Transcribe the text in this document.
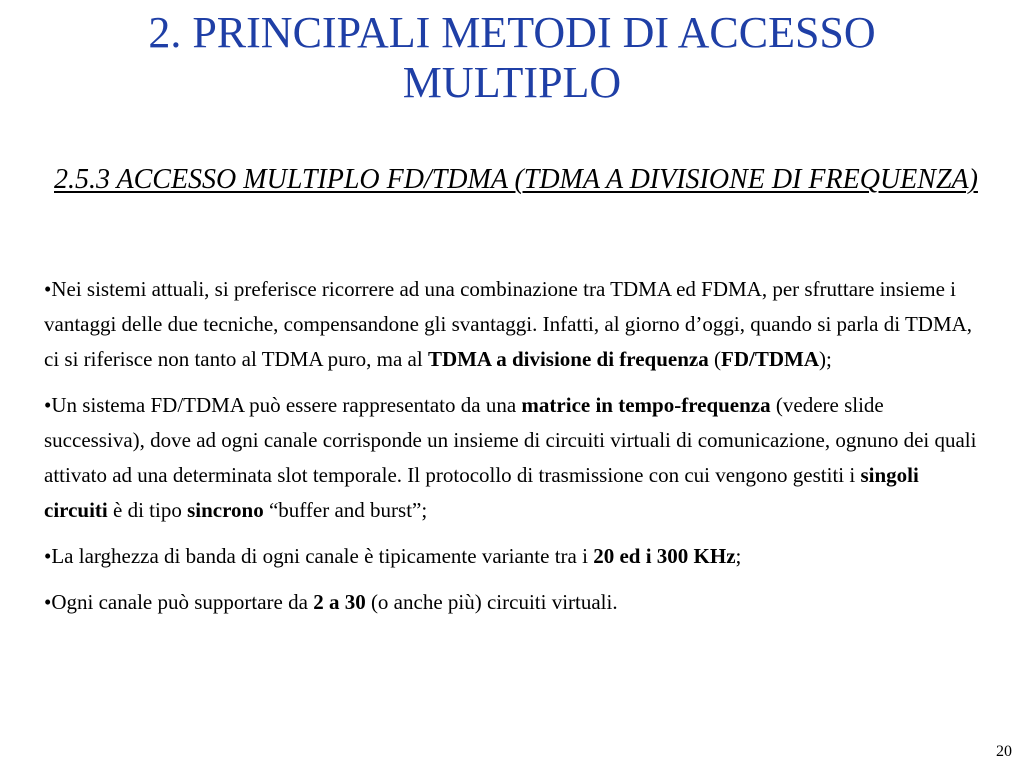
2. PRINCIPALI METODI DI ACCESSO
MULTIPLO
2.5.3 ACCESSO MULTIPLO FD/TDMA (TDMA A DIVISIONE DI FREQUENZA)

•Nei sistemi attuali, si preferisce ricorrere ad una combinazione tra TDMA ed FDMA, per sfruttare insieme i vantaggi delle due tecniche, compensandone gli svantaggi. Infatti, al giorno d’oggi, quando si parla di TDMA, ci si riferisce non tanto al TDMA puro, ma al TDMA a divisione di frequenza (FD/TDMA);

•Un sistema FD/TDMA può essere rappresentato da una matrice in tempo-frequenza (vedere slide successiva), dove ad ogni canale corrisponde un insieme di circuiti virtuali di comunicazione, ognuno dei quali attivato ad una determinata slot temporale. Il protocollo di trasmissione con cui vengono gestiti i singoli circuiti è di tipo sincrono “buffer and burst”;

•La larghezza di banda di ogni canale è tipicamente variante tra i 20 ed i 300 KHz;

•Ogni canale può supportare da 2 a 30 (o anche più) circuiti virtuali.

20
